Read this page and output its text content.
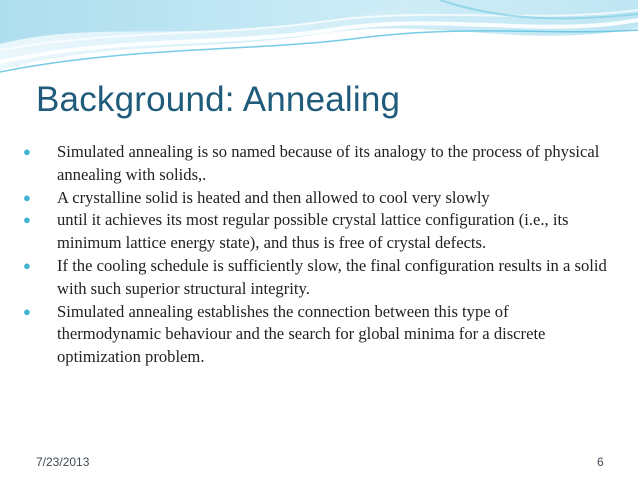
Background: Annealing
● Simulated annealing is so named because of its analogy to the process of physical annealing with solids,.
● A crystalline solid is heated and then allowed to cool very slowly
● until it achieves its most regular possible crystal lattice configuration (i.e., its minimum lattice energy state), and thus is free of crystal defects.
● If the cooling schedule is sufficiently slow, the final configuration results in a solid with such superior structural integrity.
● Simulated annealing establishes the connection between this type of thermodynamic behaviour and the search for global minima for a discrete optimization problem.
7/23/2013	6
